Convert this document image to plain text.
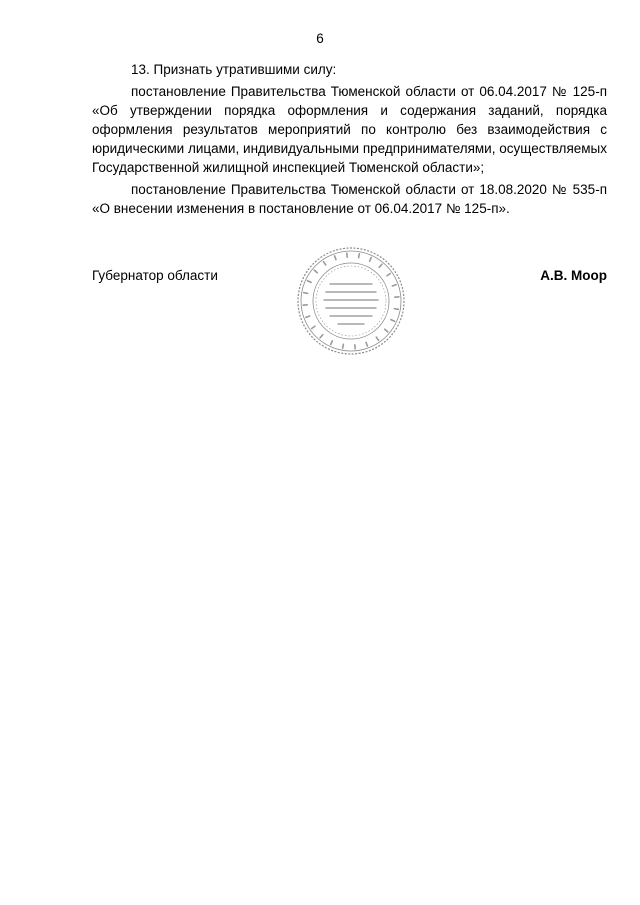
6

13. Признать утратившими силу:

постановление Правительства Тюменской области от 06.04.2017 № 125-п «Об утверждении порядка оформления и содержания заданий, порядка оформления результатов мероприятий по контролю без взаимодействия с юридическими лицами, индивидуальными предпринимателями, осуществляемых Государственной жилищной инспекцией Тюменской области»;

постановление Правительства Тюменской области от 18.08.2020 № 535-п «О внесении изменения в постановление от 06.04.2017 № 125-п».

Губернатор области	А.В. Моор
